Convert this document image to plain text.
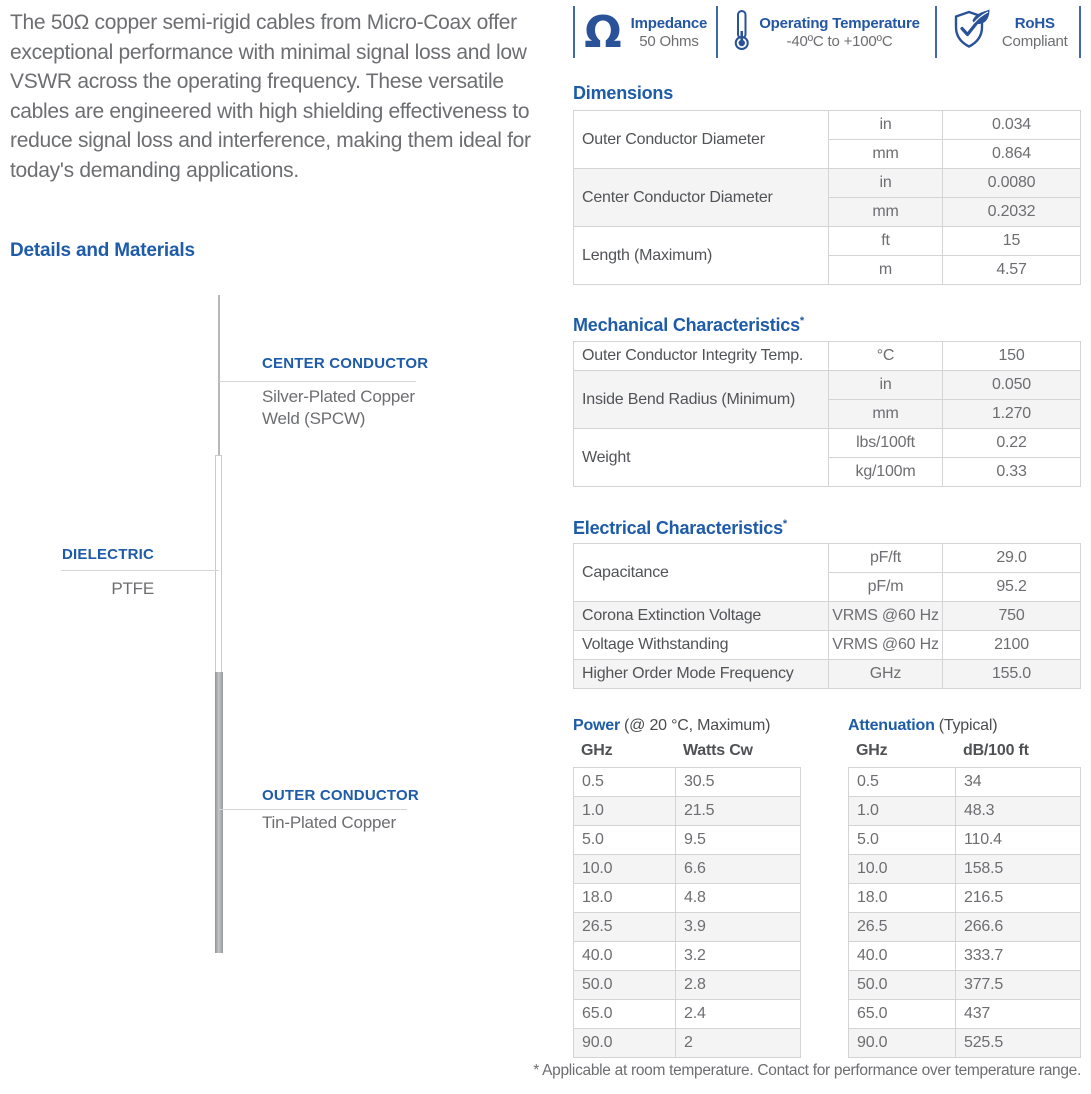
The 50Ω copper semi-rigid cables from Micro-Coax offer exceptional performance with minimal signal loss and low VSWR across the operating frequency. These versatile cables are engineered with high shielding effectiveness to reduce signal loss and interference, making them ideal for today's demanding applications.

Ω Impedance
50 Ohms
Operating Temperature
-40ºC to +100ºC
RoHS
Compliant
Details and Materials
CENTER CONDUCTOR
Silver-Plated Copper Weld (SPCW)
DIELECTRIC
PTFE
OUTER CONDUCTOR
Tin-Plated Copper
Dimensions
Outer Conductor Diameter	in	0.034
	mm	0.864
Center Conductor Diameter	in	0.0080
	mm	0.2032
Length (Maximum)	ft	15
	m	4.57
Mechanical Characteristics*
Outer Conductor Integrity Temp.	°C	150
Inside Bend Radius (Minimum)	in	0.050
	mm	1.270
Weight	lbs/100ft	0.22
	kg/100m	0.33
Electrical Characteristics*
Capacitance	pF/ft	29.0
	pF/m	95.2
Corona Extinction Voltage	VRMS @60 Hz	750
Voltage Withstanding	VRMS @60 Hz	2100
Higher Order Mode Frequency	GHz	155.0
Power (@ 20 °C, Maximum)
GHz	Watts Cw
0.5	30.5
1.0	21.5
5.0	9.5
10.0	6.6
18.0	4.8
26.5	3.9
40.0	3.2
50.0	2.8
65.0	2.4
90.0	2
Attenuation (Typical)
GHz	dB/100 ft
0.5	34
1.0	48.3
5.0	110.4
10.0	158.5
18.0	216.5
26.5	266.6
40.0	333.7
50.0	377.5
65.0	437
90.0	525.5
* Applicable at room temperature. Contact for performance over temperature range.
